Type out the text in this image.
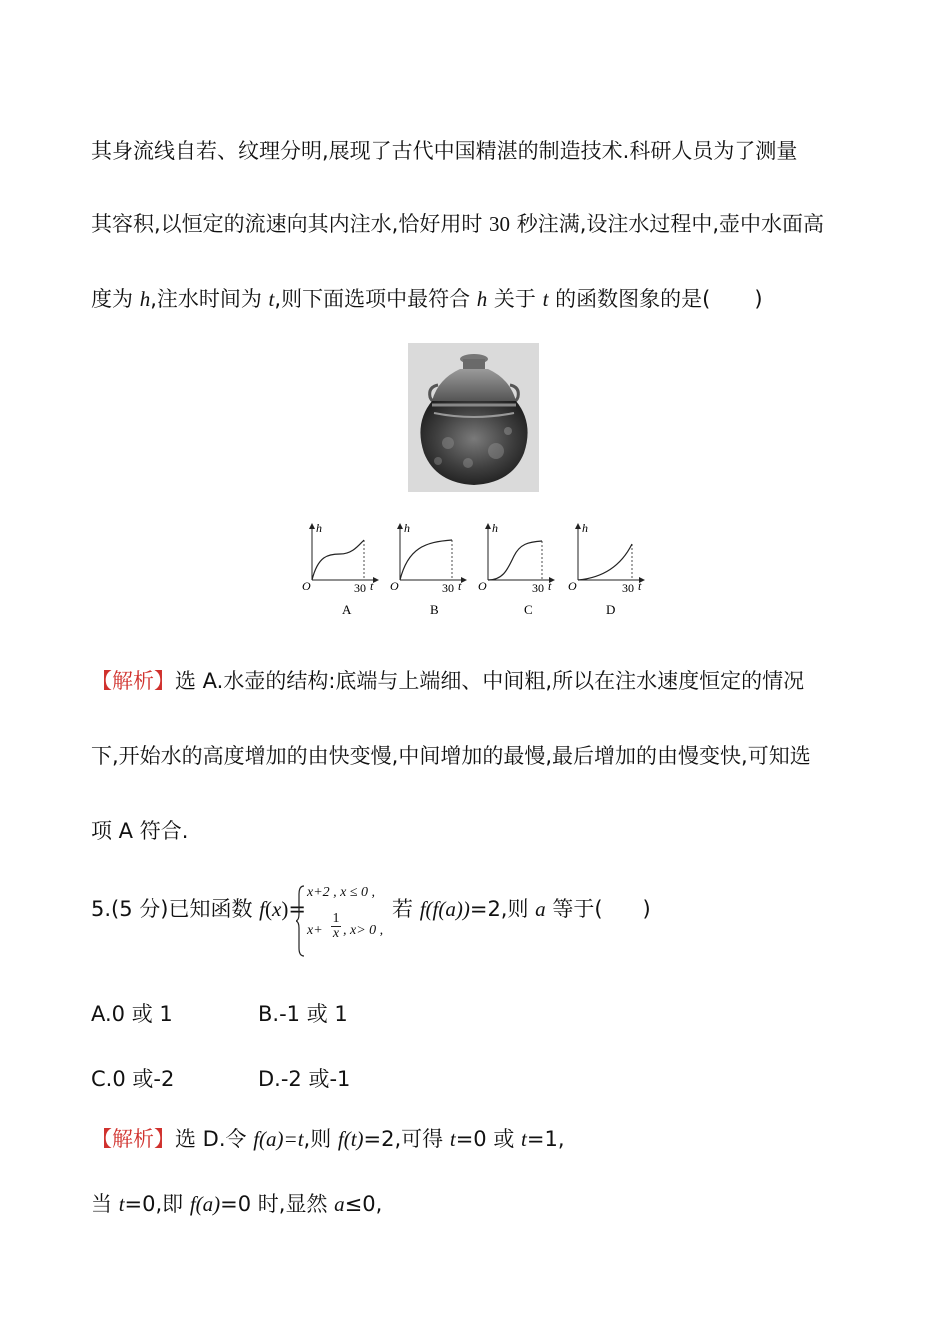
其身流线自若、纹理分明,展现了古代中国精湛的制造技术.科研人员为了测量
其容积,以恒定的流速向其内注水,恰好用时 30 秒注满,设注水过程中,壶中水面高
度为 h,注水时间为 t,则下面选项中最符合 h 关于 t 的函数图象的是( )
h
O	30 t
A
h
O	30 t
B
h
O	30 t
C
h
O	30 t
D
【解析】选 A.水壶的结构:底端与上端细、中间粗,所以在注水速度恒定的情况
下,开始水的高度增加的由快变慢,中间增加的最慢,最后增加的由慢变快,可知选
项 A 符合.
5.(5 分)已知函数 f(x)=
x+2 , x ≤ 0 ,
x+
1
x , x> 0 ,
若 f(f(a))=2,则 a 等于( )
A.0 或 1	B.-1 或 1
C.0 或-2	D.-2 或-1
【解析】选 D.令 f(a)=t,则 f(t)=2,可得 t=0 或 t=1,
当 t=0,即 f(a)=0 时,显然 a≤0,
